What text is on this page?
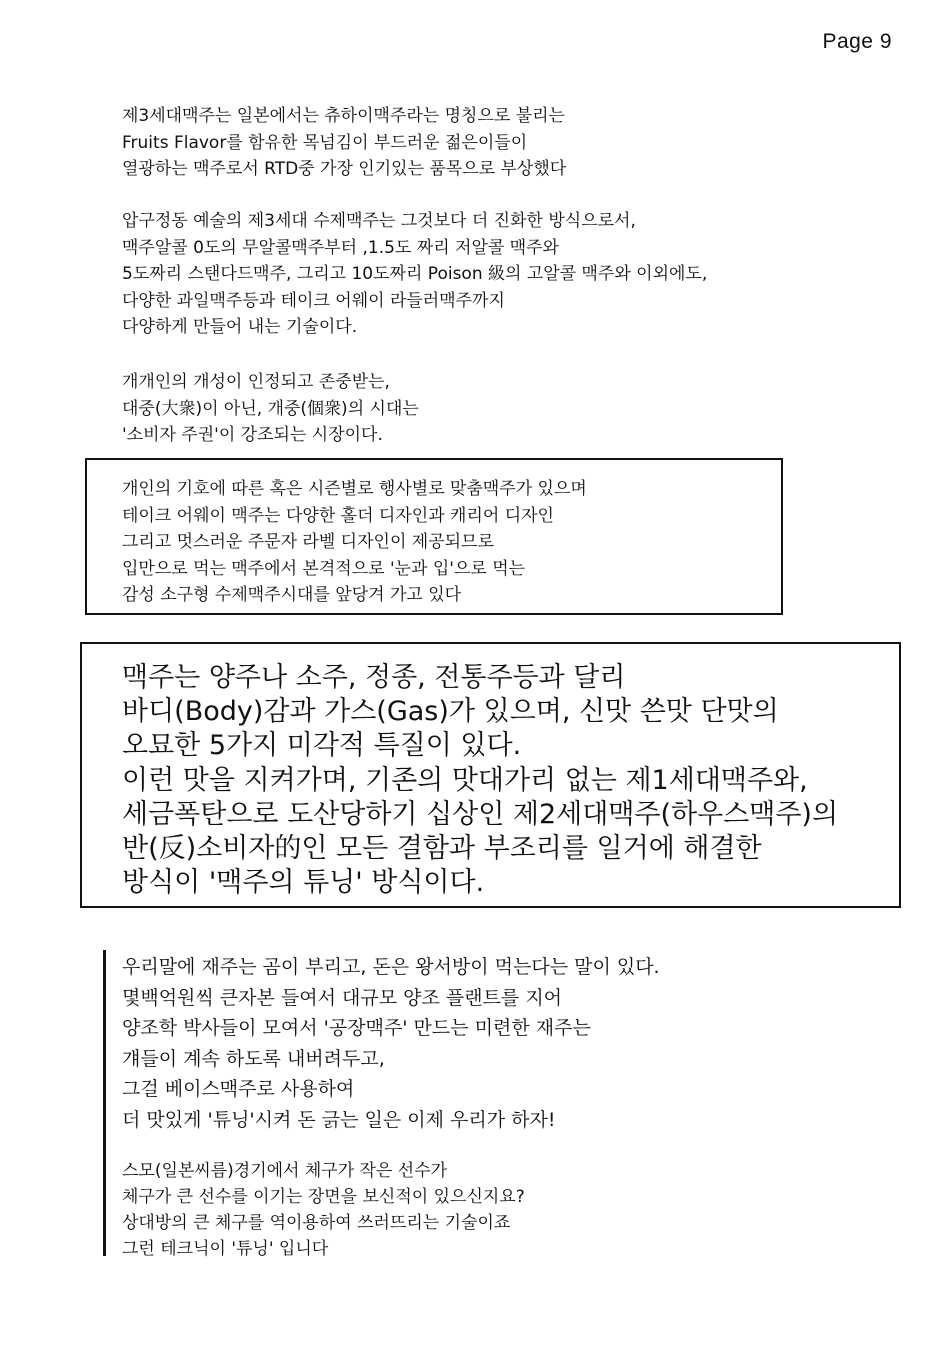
Page 9
제3세대맥주는 일본에서는 츄하이맥주라는 명칭으로 불리는
Fruits Flavor를 함유한 목넘김이 부드러운 젊은이들이
열광하는 맥주로서 RTD중 가장 인기있는 품목으로 부상했다
압구정동 예술의 제3세대 수제맥주는 그것보다 더 진화한 방식으로서,
맥주알콜 0도의 무알콜맥주부터 ,1.5도 짜리 저알콜 맥주와
5도짜리 스탠다드맥주, 그리고 10도짜리 Poison 級의 고알콜 맥주와 이외에도,
다양한 과일맥주등과 테이크 어웨이 라들러맥주까지
다양하게 만들어 내는 기술이다.
개개인의 개성이 인정되고 존중받는,
대중(大衆)이 아닌, 개중(個衆)의 시대는
'소비자 주권'이 강조되는 시장이다.
개인의 기호에 따른 혹은 시즌별로 행사별로 맞춤맥주가 있으며
테이크 어웨이 맥주는 다양한 홀더 디자인과 캐리어 디자인
그리고 멋스러운 주문자 라벨 디자인이 제공되므로
입만으로 먹는 맥주에서 본격적으로 '눈과 입'으로 먹는
감성 소구형 수제맥주시대를 앞당겨 가고 있다
맥주는 양주나 소주, 정종, 전통주등과 달리
바디(Body)감과 가스(Gas)가 있으며, 신맛 쓴맛 단맛의
오묘한 5가지 미각적 특질이 있다.
이런 맛을 지켜가며, 기존의 맛대가리 없는 제1세대맥주와,
세금폭탄으로 도산당하기 십상인 제2세대맥주(하우스맥주)의
반(反)소비자的인 모든 결함과 부조리를 일거에 해결한
방식이 '맥주의 튜닝' 방식이다.
우리말에 재주는 곰이 부리고, 돈은 왕서방이 먹는다는 말이 있다.
몇백억원씩 큰자본 들여서 대규모 양조 플랜트를 지어
양조학 박사들이 모여서 '공장맥주' 만드는 미련한 재주는
걔들이 계속 하도록 내버려두고,
그걸 베이스맥주로 사용하여
더 맛있게 '튜닝'시켜 돈 긁는 일은 이제 우리가 하자!
스모(일본씨름)경기에서 체구가 작은 선수가
체구가 큰 선수를 이기는 장면을 보신적이 있으신지요?
상대방의 큰 체구를 역이용하여 쓰러뜨리는 기술이죠
그런 테크닉이 '튜닝' 입니다
